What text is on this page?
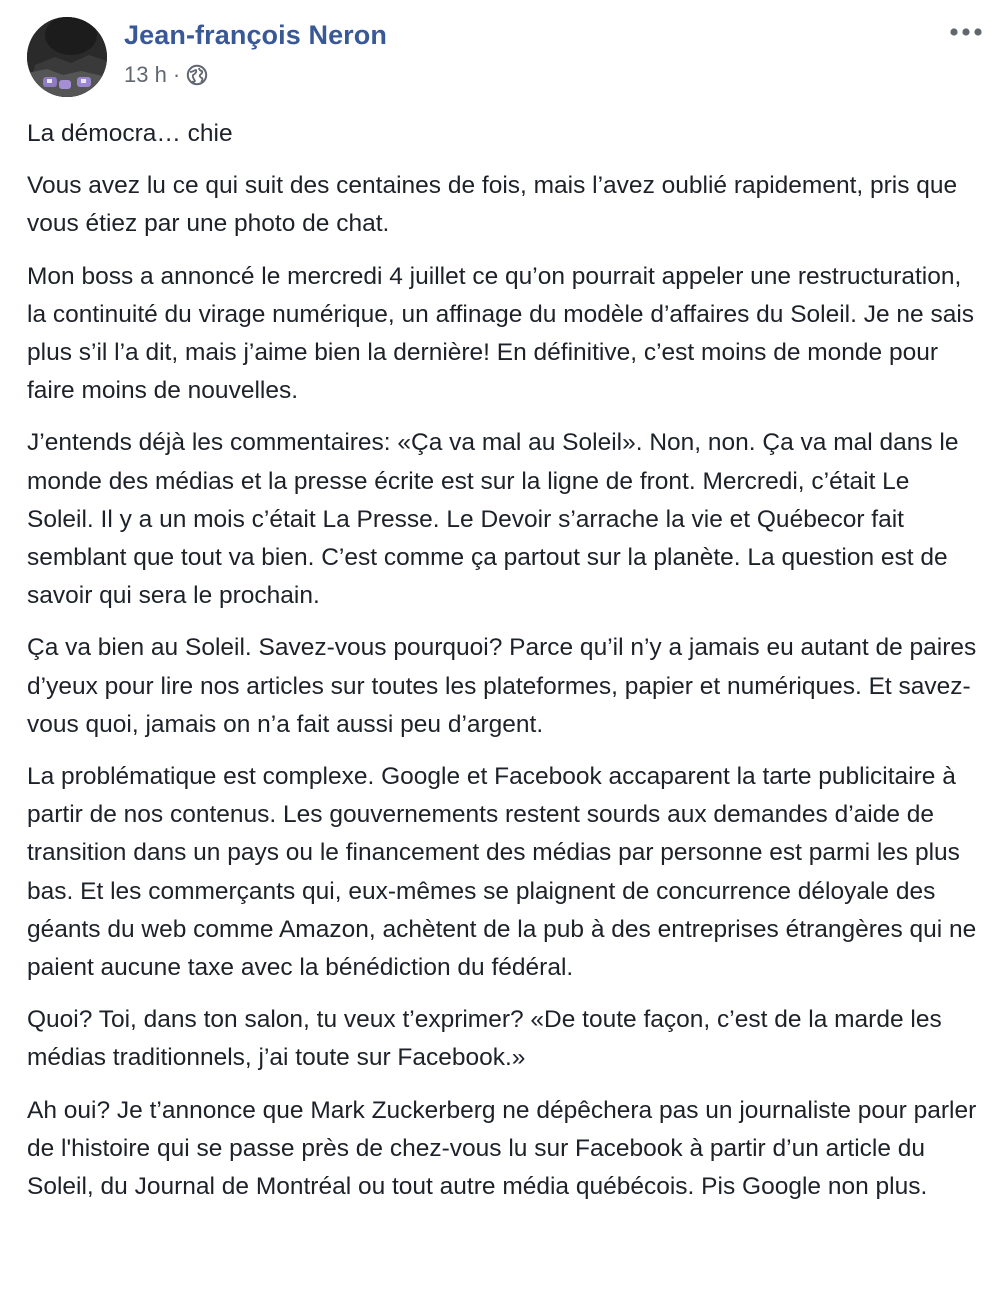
Jean-françois Neron
13 h ·

La démocra… chie

Vous avez lu ce qui suit des centaines de fois, mais l’avez oublié rapidement, pris que vous étiez par une photo de chat.

Mon boss a annoncé le mercredi 4 juillet ce qu’on pourrait appeler une restructuration, la continuité du virage numérique, un affinage du modèle d’affaires du Soleil. Je ne sais plus s’il l’a dit, mais j’aime bien la dernière! En définitive, c’est moins de monde pour faire moins de nouvelles.

J’entends déjà les commentaires: «Ça va mal au Soleil». Non, non. Ça va mal dans le monde des médias et la presse écrite est sur la ligne de front. Mercredi, c’était Le Soleil. Il y a un mois c’était La Presse. Le Devoir s’arrache la vie et Québecor fait semblant que tout va bien. C’est comme ça partout sur la planète. La question est de savoir qui sera le prochain.

Ça va bien au Soleil. Savez-vous pourquoi? Parce qu’il n’y a jamais eu autant de paires d’yeux pour lire nos articles sur toutes les plateformes, papier et numériques. Et savez-vous quoi, jamais on n’a fait aussi peu d’argent.

La problématique est complexe. Google et Facebook accaparent la tarte publicitaire à partir de nos contenus. Les gouvernements restent sourds aux demandes d’aide de transition dans un pays ou le financement des médias par personne est parmi les plus bas. Et les commerçants qui, eux-mêmes se plaignent de concurrence déloyale des géants du web comme Amazon, achètent de la pub à des entreprises étrangères qui ne paient aucune taxe avec la bénédiction du fédéral.

Quoi? Toi, dans ton salon, tu veux t’exprimer? «De toute façon, c’est de la marde les médias traditionnels, j’ai toute sur Facebook.»

Ah oui? Je t’annonce que Mark Zuckerberg ne dépêchera pas un journaliste pour parler de l'histoire qui se passe près de chez-vous lu sur Facebook à partir d’un article du Soleil, du Journal de Montréal ou tout autre média québécois. Pis Google non plus.
